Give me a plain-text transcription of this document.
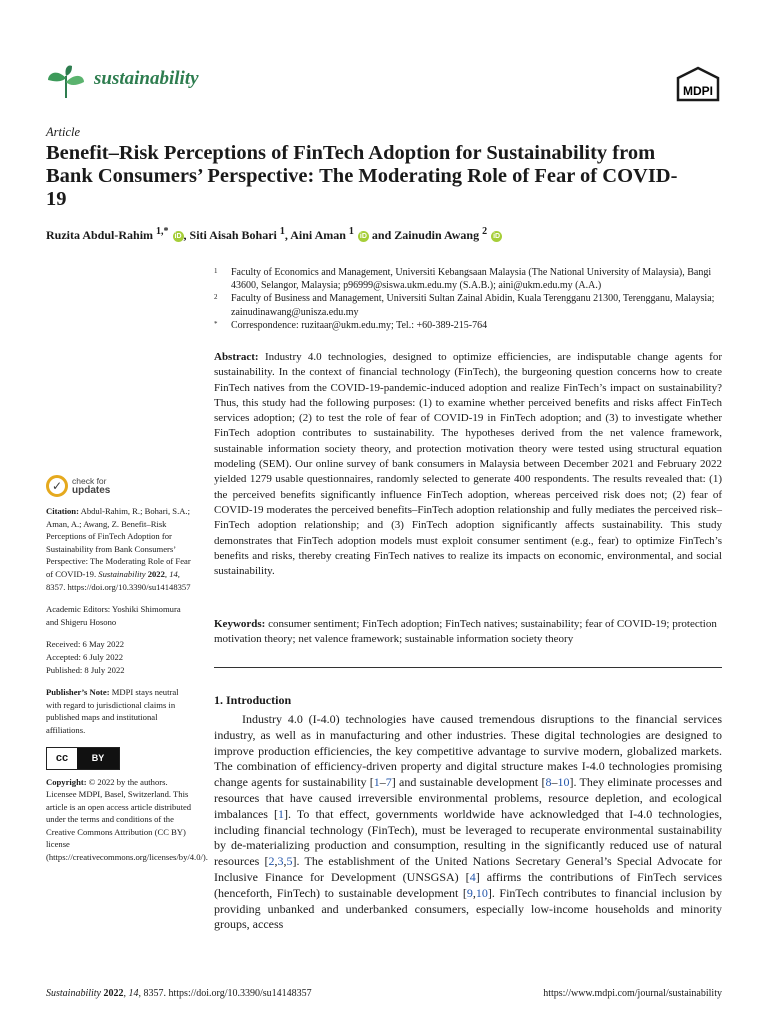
sustainability
MDPI
Article
Benefit–Risk Perceptions of FinTech Adoption for Sustainability from Bank Consumers’ Perspective: The Moderating Role of Fear of COVID-19
Ruzita Abdul-Rahim $^{1,*}$ iD , Siti Aisah Bohari $^1$, Aini Aman $^1$ iD and Zainudin Awang $^2$ iD
1	Faculty of Economics and Management, Universiti Kebangsaan Malaysia (The National University of Malaysia), Bangi 43600, Selangor, Malaysia; p96999@siswa.ukm.edu.my (S.A.B.); aini@ukm.edu.my (A.A.)
2	Faculty of Business and Management, Universiti Sultan Zainal Abidin, Kuala Terengganu 21300, Terengganu, Malaysia; zainudinawang@unisza.edu.my
*	Correspondence: ruzitaar@ukm.edu.my; Tel.: +60-389-215-764
Abstract: Industry 4.0 technologies, designed to optimize efficiencies, are indisputable change agents for sustainability. In the context of financial technology (FinTech), the burgeoning question concerns how to create FinTech natives from the COVID-19-pandemic-induced adoption and realize FinTech’s impact on sustainability? Thus, this study had the following purposes: (1) to examine whether perceived benefits and risks affect FinTech services adoption; (2) to test the role of fear of COVID-19 in FinTech adoption; and (3) to investigate whether FinTech adoption contributes to sustainability. The hypotheses derived from the net valence framework, sustainable information society theory, and protection motivation theory were tested using structural equation modeling (SEM). Our online survey of bank consumers in Malaysia between December 2021 and February 2022 yielded 1279 usable questionnaires, randomly selected to generate 400 respondents. The results revealed that: (1) the perceived benefits significantly influence FinTech adoption, whereas perceived risk does not; (2) fear of COVID-19 moderates the perceived benefits–FinTech adoption relationship and fully mediates the perceived risk–FinTech adoption relationship; and (3) FinTech adoption significantly affects sustainability. This study demonstrates that FinTech adoption models must exploit consumer sentiment (e.g., fear) to optimize FinTech’s benefits and risks, thereby creating FinTech natives to realize its impacts on economic, environmental, and social sustainability.
Keywords: consumer sentiment; FinTech adoption; FinTech natives; sustainability; fear of COVID-19; protection motivation theory; net valence framework; sustainable information society theory
1. Introduction

Industry 4.0 (I-4.0) technologies have caused tremendous disruptions to the financial services industry, as well as in manufacturing and other industries. These digital technologies are designed to improve production efficiencies, the key competitive advantage to survive modern, globalized markets. The combination of efficiency-driven property and digital structure makes I-4.0 technologies promising change agents for sustainability [1–7] and sustainable development [8–10]. They eliminate processes and resources that have caused irreversible environmental problems, resource depletion, and ecological imbalances [1]. To that effect, governments worldwide have acknowledged that I-4.0 technologies, including financial technology (FinTech), must be leveraged to recuperate environmental sustainability by de-materializing production and consumption, resulting in the significantly reduced use of natural resources [2,3,5]. The establishment of the United Nations Secretary General’s Special Advocate for Inclusive Finance for Development (UNSGSA) [4] affirms the contributions of FinTech services (henceforth, FinTech) to sustainable development [9,10]. FinTech contributes to financial inclusion by providing unbanked and underbanked consumers, especially low-income households and minority groups, access

✓ check for
updates
Citation: Abdul-Rahim, R.; Bohari, S.A.; Aman, A.; Awang, Z. Benefit–Risk Perceptions of FinTech Adoption for Sustainability from Bank Consumers’ Perspective: The Moderating Role of Fear of COVID-19. Sustainability 2022, 14, 8357. https://doi.org/10.3390/su14148357
Academic Editors: Yoshiki Shimomura and Shigeru Hosono
Received: 6 May 2022
Accepted: 6 July 2022
Published: 8 July 2022
Publisher’s Note: MDPI stays neutral with regard to jurisdictional claims in published maps and institutional affiliations.
cc	BY
Copyright: © 2022 by the authors. Licensee MDPI, Basel, Switzerland. This article is an open access article distributed under the terms and conditions of the Creative Commons Attribution (CC BY) license (https://creativecommons.org/licenses/by/4.0/).
Sustainability 2022, 14, 8357. https://doi.org/10.3390/su14148357	https://www.mdpi.com/journal/sustainability
